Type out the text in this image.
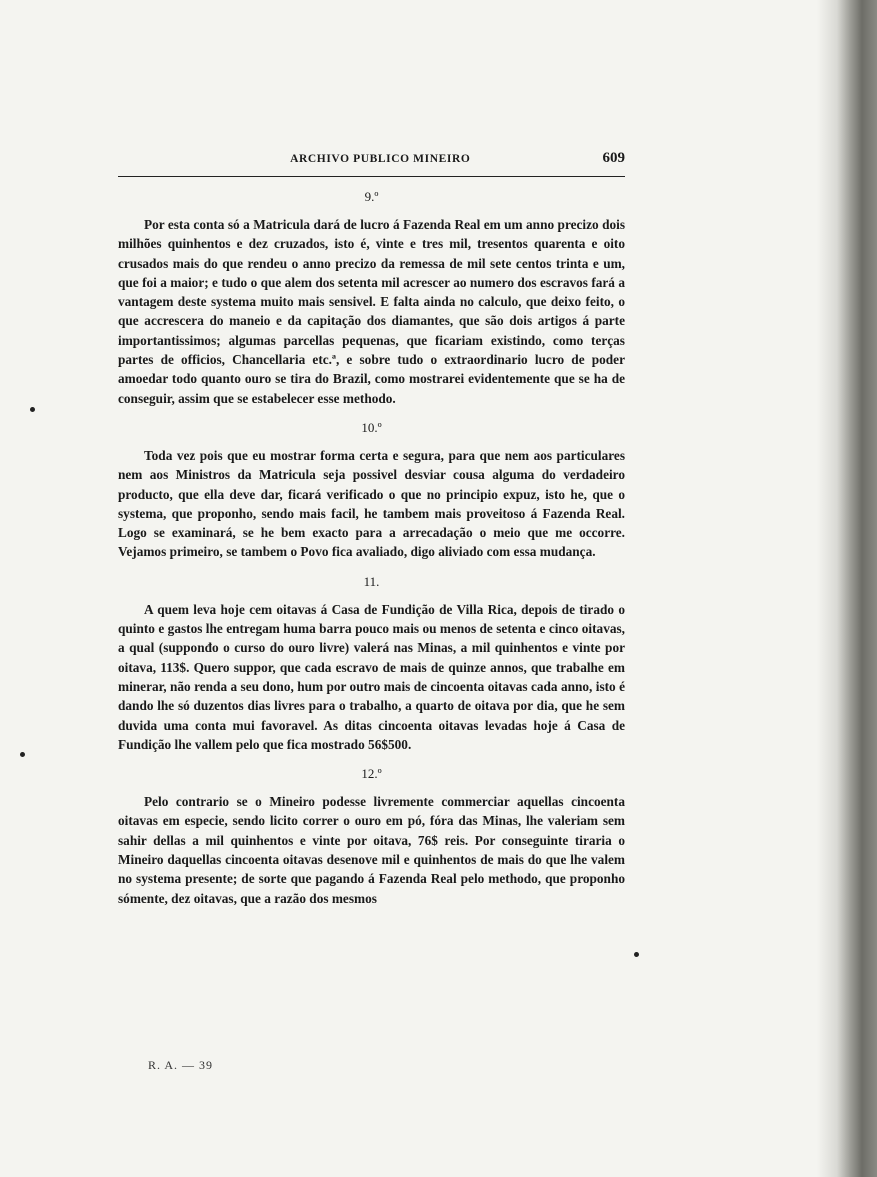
ARCHIVO PUBLICO MINEIRO	609
9.º

Por esta conta só a Matricula dará de lucro á Fazenda Real em um anno precizo dois milhões quinhentos e dez cruzados, isto é, vinte e tres mil, tresentos quarenta e oito crusados mais do que rendeu o anno precizo da remessa de mil sete centos trinta e um, que foi a maior; e tudo o que alem dos setenta mil acrescer ao numero dos escravos fará a vantagem deste systema muito mais sensivel. E falta ainda no calculo, que deixo feito, o que accrescera do maneio e da capitação dos diamantes, que são dois artigos á parte importantissimos; algumas parcellas pequenas, que ficariam existindo, como terças partes de officios, Chancellaria etc.ª, e sobre tudo o extraordinario lucro de poder amoedar todo quanto ouro se tira do Brazil, como mostrarei evidentemente que se ha de conseguir, assim que se estabelecer esse methodo.

10.º

Toda vez pois que eu mostrar forma certa e segura, para que nem aos particulares nem aos Ministros da Matricula seja possivel desviar cousa alguma do verdadeiro producto, que ella deve dar, ficará verificado o que no principio expuz, isto he, que o systema, que proponho, sendo mais facil, he tambem mais proveitoso á Fazenda Real. Logo se examinará, se he bem exacto para a arrecadação o meio que me occorre. Vejamos primeiro, se tambem o Povo fica avaliado, digo aliviado com essa mudança.

11.

A quem leva hoje cem oitavas á Casa de Fundição de Villa Rica, depois de tirado o quinto e gastos lhe entregam huma barra pouco mais ou menos de setenta e cinco oitavas, a qual (supponđo o curso do ouro livre) valerá nas Minas, a mil quinhentos e vinte por oitava, 113$. Quero suppor, que cada escravo de mais de quinze annos, que trabalhe em minerar, não renda a seu dono, hum por outro mais de cincoenta oitavas cada anno, isto é dando lhe só duzentos dias livres para o trabalho, a quarto de oitava por dia, que he sem duvida uma conta mui favoravel. As ditas cincoenta oitavas levadas hoje á Casa de Fundição lhe vallem pelo que fica mostrado 56$500.

12.º

Pelo contrario se o Mineiro podesse livremente commerciar aquellas cincoenta oitavas em especie, sendo licito correr o ouro em pó, fóra das Minas, lhe valeriam sem sahir dellas a mil quinhentos e vinte por oitava, 76$ reis. Por conseguinte tiraria o Mineiro daquellas cincoenta oitavas desenove mil e quinhentos de mais do que lhe valem no systema presente; de sorte que pagando á Fazenda Real pelo methodo, que proponho sómente, dez oitavas, que a razão dos mesmos

R. A. — 39
